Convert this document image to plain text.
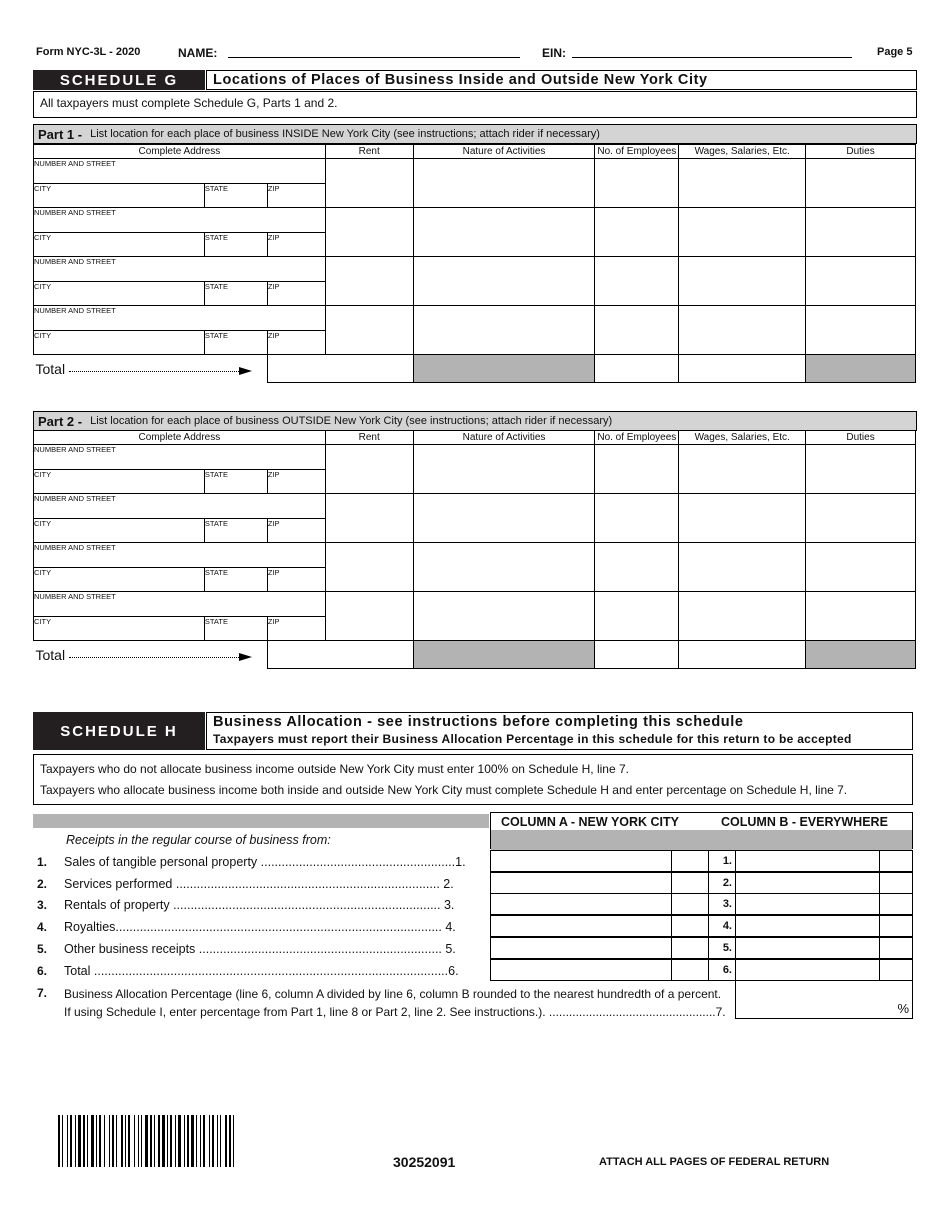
Form NYC-3L - 2020	NAME:	EIN:	Page 5
SCHEDULE G	Locations of Places of Business Inside and Outside New York City
All taxpayers must complete Schedule G, Parts 1 and 2.
Part 1 - List location for each place of business INSIDE New York City (see instructions; attach rider if necessary)
Complete Address			Rent	Nature of Activities	No. of Employees	Wages, Salaries, Etc.	Duties
NUMBER AND STREET							
CITY	STATE	ZIP					
NUMBER AND STREET							
CITY	STATE	ZIP					
NUMBER AND STREET							
CITY	STATE	ZIP					
NUMBER AND STREET							
CITY	STATE	ZIP					
Total							
Part 2 - List location for each place of business OUTSIDE New York City (see instructions; attach rider if necessary)
Complete Address			Rent	Nature of Activities	No. of Employees	Wages, Salaries, Etc.	Duties
NUMBER AND STREET							
CITY	STATE	ZIP					
NUMBER AND STREET							
CITY	STATE	ZIP					
NUMBER AND STREET							
CITY	STATE	ZIP					
NUMBER AND STREET							
CITY	STATE	ZIP					
Total							
SCHEDULE H
Business Allocation - see instructions before completing this schedule
Taxpayers must report their Business Allocation Percentage in this schedule for this return to be accepted
Taxpayers who do not allocate business income outside New York City must enter 100% on Schedule H, line 7.
Taxpayers who allocate business income both inside and outside New York City must complete Schedule H and enter percentage on Schedule H, line 7.
COLUMN A - NEW YORK CITY	COLUMN B - EVERYWHERE
Receipts in the regular course of business from:
1.	Sales of tangible personal property ........................................................1.	1.
2.	Services performed ............................................................................ 2.	2.
3.	Rentals of property ............................................................................. 3.	3.
4.	Royalties.............................................................................................. 4.	4.
5.	Other business receipts ...................................................................... 5.	5.
6.	Total ......................................................................................................6.	6.
7. Business Allocation Percentage (line 6, column A divided by line 6, column B rounded to the nearest hundredth of a percent.
If using Schedule I, enter percentage from Part 1, line 8 or Part 2, line 2. See instructions.). ..................................................7.	%
30252091	ATTACH ALL PAGES OF FEDERAL RETURN
